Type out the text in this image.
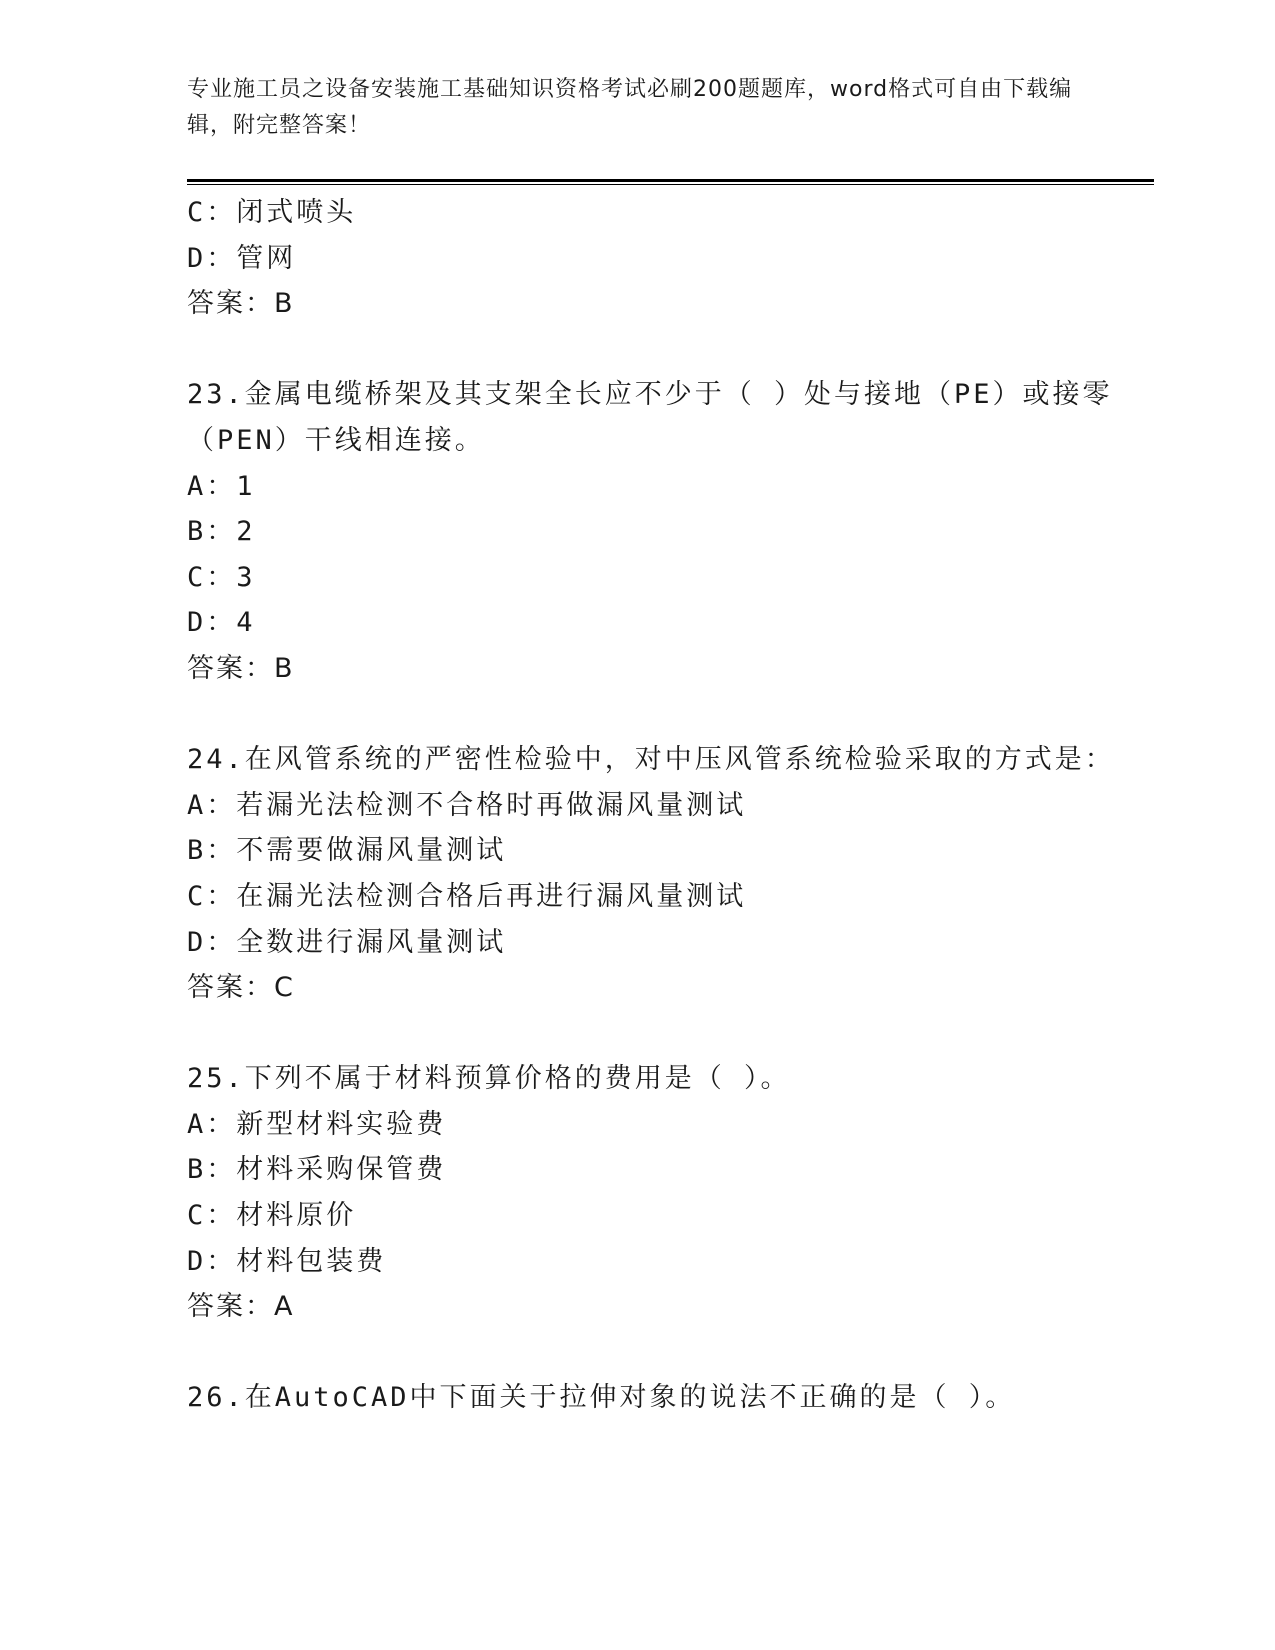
专业施工员之设备安装施工基础知识资格考试必刷200题题库，word格式可自由下载编辑，附完整答案！
C：闭式喷头
D：管网
答案：B
23.金属电缆桥架及其支架全长应不少于（ ）处与接地（PE）或接零（PEN）干线相连接。
A：1
B：2
C：3
D：4
答案：B
24.在风管系统的严密性检验中，对中压风管系统检验采取的方式是：
A：若漏光法检测不合格时再做漏风量测试
B：不需要做漏风量测试
C：在漏光法检测合格后再进行漏风量测试
D：全数进行漏风量测试
答案：C
25.下列不属于材料预算价格的费用是（ ）。
A：新型材料实验费
B：材料采购保管费
C：材料原价
D：材料包装费
答案：A
26.在AutoCAD中下面关于拉伸对象的说法不正确的是（ ）。
